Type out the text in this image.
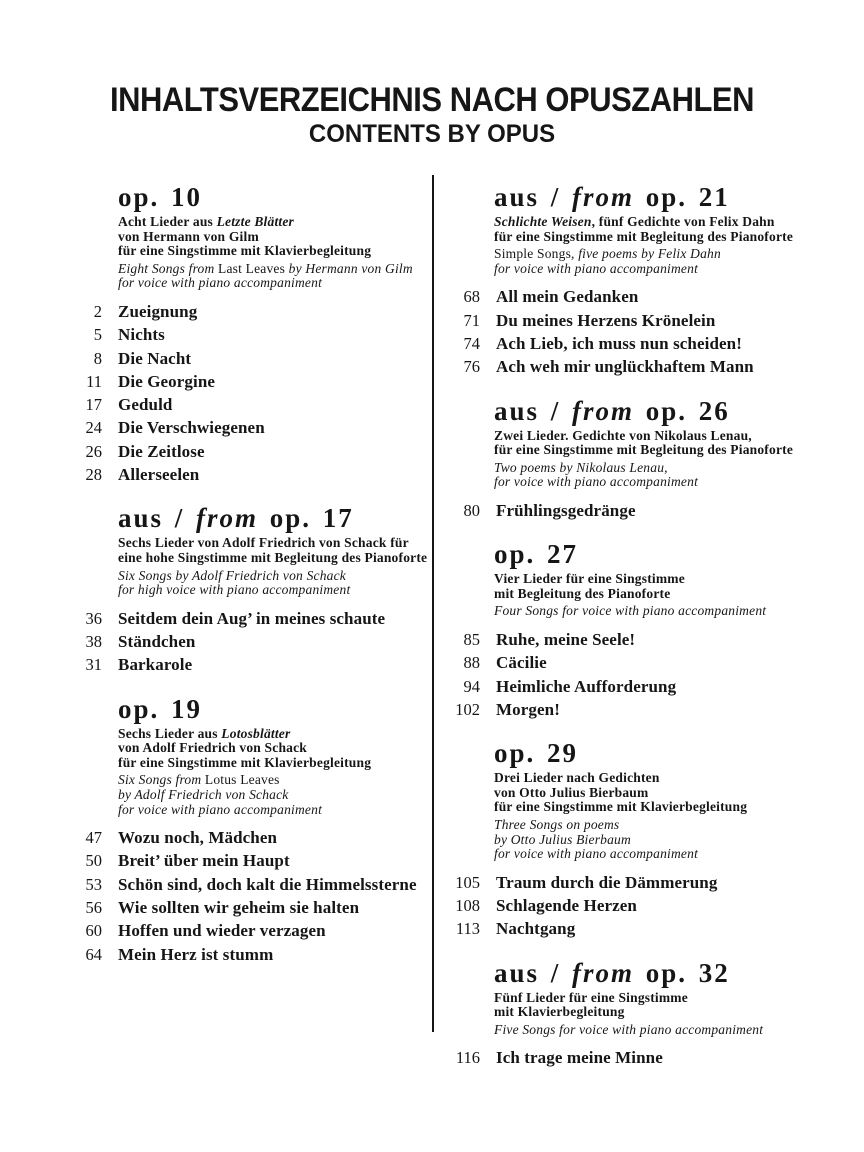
INHALTSVERZEICHNIS NACH OPUSZAHLEN
CONTENTS BY OPUS
op. 10
Acht Lieder aus Letzte Blätter
von Hermann von Gilm
für eine Singstimme mit Klavierbegleitung
Eight Songs from Last Leaves by Hermann von Gilm
for voice with piano accompaniment
2 Zueignung
5 Nichts
8 Die Nacht
11 Die Georgine
17 Geduld
24 Die Verschwiegenen
26 Die Zeitlose
28 Allerseelen
aus / from op. 17
Sechs Lieder von Adolf Friedrich von Schack für
eine hohe Singstimme mit Begleitung des Pianoforte
Six Songs by Adolf Friedrich von Schack
for high voice with piano accompaniment
36 Seitdem dein Aug’ in meines schaute
38 Ständchen
31 Barkarole
op. 19
Sechs Lieder aus Lotosblätter
von Adolf Friedrich von Schack
für eine Singstimme mit Klavierbegleitung
Six Songs from Lotus Leaves
by Adolf Friedrich von Schack
for voice with piano accompaniment
47 Wozu noch, Mädchen
50 Breit’ über mein Haupt
53 Schön sind, doch kalt die Himmelssterne
56 Wie sollten wir geheim sie halten
60 Hoffen und wieder verzagen
64 Mein Herz ist stumm
aus / from op. 21
Schlichte Weisen, fünf Gedichte von Felix Dahn
für eine Singstimme mit Begleitung des Pianoforte
Simple Songs, five poems by Felix Dahn
for voice with piano accompaniment
68 All mein Gedanken
71 Du meines Herzens Krönelein
74 Ach Lieb, ich muss nun scheiden!
76 Ach weh mir unglückhaftem Mann
aus / from op. 26
Zwei Lieder. Gedichte von Nikolaus Lenau,
für eine Singstimme mit Begleitung des Pianoforte
Two poems by Nikolaus Lenau,
for voice with piano accompaniment
80 Frühlingsgedränge
op. 27
Vier Lieder für eine Singstimme
mit Begleitung des Pianoforte
Four Songs for voice with piano accompaniment
85 Ruhe, meine Seele!
88 Cäcilie
94 Heimliche Aufforderung
102 Morgen!
op. 29
Drei Lieder nach Gedichten
von Otto Julius Bierbaum
für eine Singstimme mit Klavierbegleitung
Three Songs on poems
by Otto Julius Bierbaum
for voice with piano accompaniment
105 Traum durch die Dämmerung
108 Schlagende Herzen
113 Nachtgang
aus / from op. 32
Fünf Lieder für eine Singstimme
mit Klavierbegleitung
Five Songs for voice with piano accompaniment
116 Ich trage meine Minne
